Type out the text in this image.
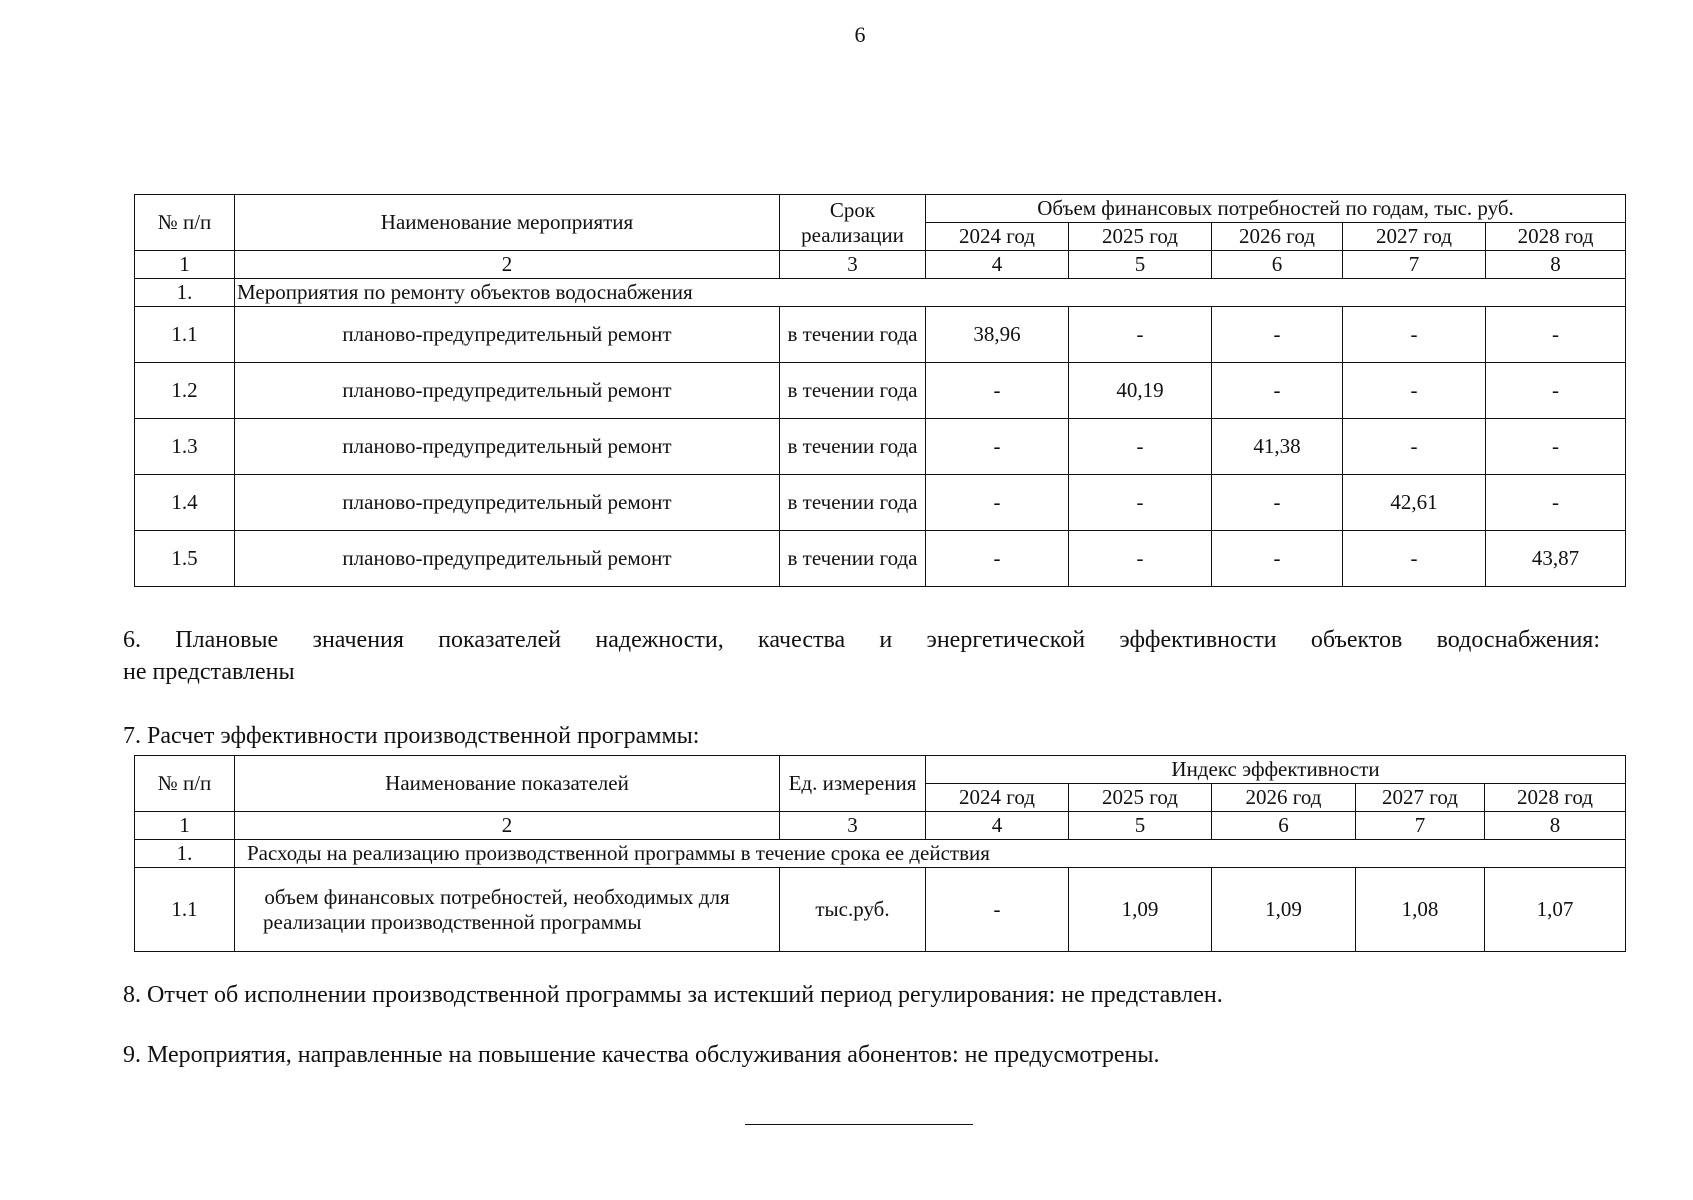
6
№ п/п	Наименование мероприятия	Срок реализации	Объем финансовых потребностей по годам, тыс. руб.				
			2024 год	2025 год	2026 год	2027 год	2028 год
1	2	3	4	5	6	7	8
1.	Мероприятия по ремонту объектов водоснабжения						
1.1	планово-предупредительный ремонт	в течении года	38,96	-	-	-	-
1.2	планово-предупредительный ремонт	в течении года	-	40,19	-	-	-
1.3	планово-предупредительный ремонт	в течении года	-	-	41,38	-	-
1.4	планово-предупредительный ремонт	в течении года	-	-	-	42,61	-
1.5	планово-предупредительный ремонт	в течении года	-	-	-	-	43,87
6. Плановые значения показателей надежности, качества и энергетической эффективности объектов водоснабжения:
не представлены
7. Расчет эффективности производственной программы:
№ п/п	Наименование показателей	Ед. измерения	Индекс эффективности				
			2024 год	2025 год	2026 год	2027 год	2028 год
1	2	3	4	5	6	7	8
1.	Расходы на реализацию производственной программы в течение срока ее действия						
1.1	объем финансовых потребностей, необходимых для реализации производственной программы	тыс.руб.	-	1,09	1,09	1,08	1,07
8. Отчет об исполнении производственной программы за истекший период регулирования: не представлен.
9. Мероприятия, направленные на повышение качества обслуживания абонентов: не предусмотрены.
